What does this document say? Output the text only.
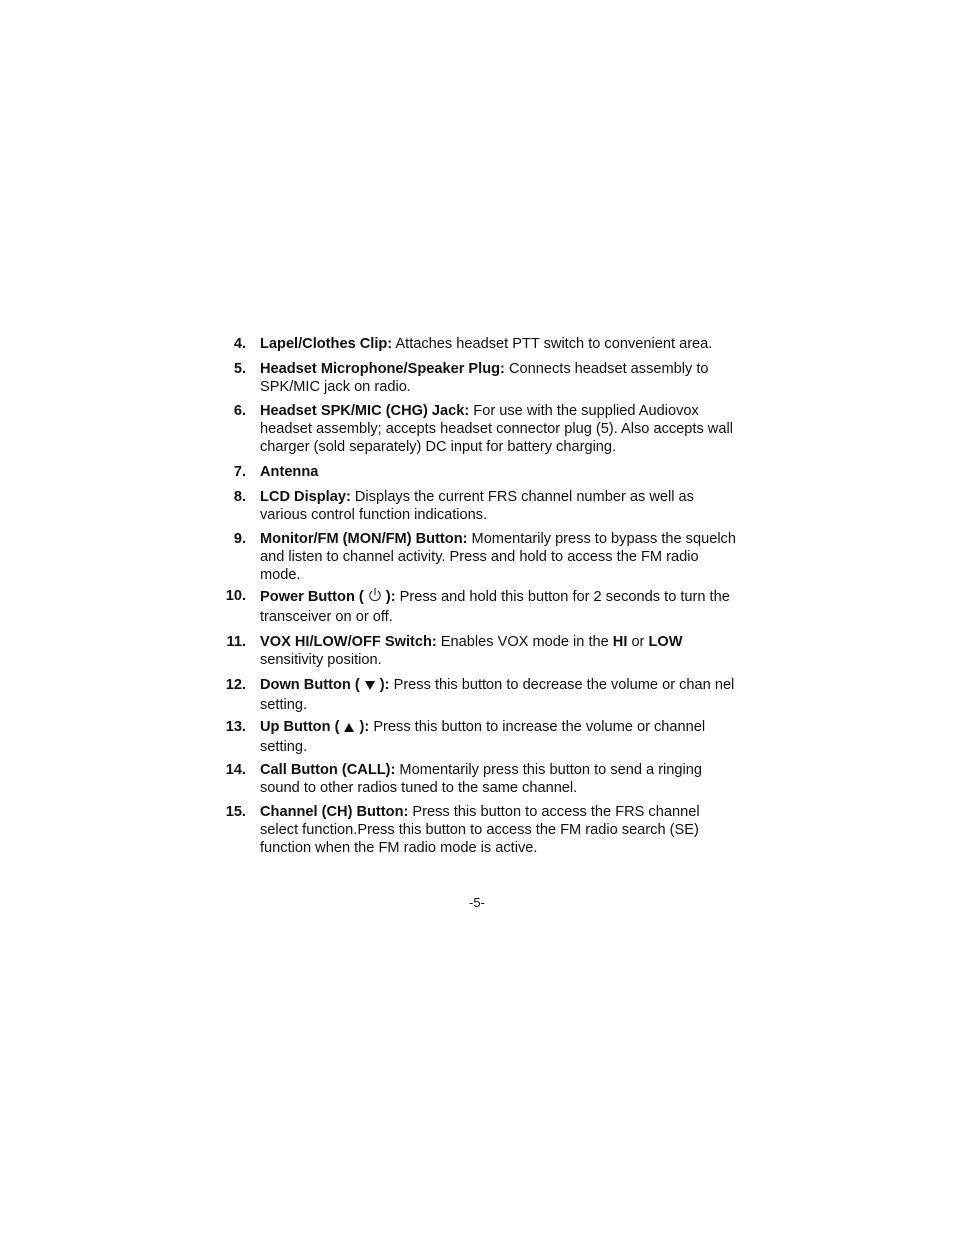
4. Lapel/Clothes Clip: Attaches headset PTT switch to convenient area.
5. Headset Microphone/Speaker Plug: Connects headset assembly to SPK/MIC jack on radio.
6. Headset SPK/MIC (CHG) Jack: For use with the supplied Audiovox headset assembly; accepts headset connector plug (5). Also accepts wall charger (sold separately) DC input for battery charging.
7. Antenna
8. LCD Display: Displays the current FRS channel number as well as various control function indications.
9. Monitor/FM (MON/FM) Button: Momentarily press to bypass the squelch and listen to channel activity. Press and hold to access the FM radio mode.
10. Power Button (  ): Press and hold this button for 2 seconds to turn the transceiver on or off.
11. VOX HI/LOW/OFF Switch: Enables VOX mode in the HI or LOW sensitivity position.
12. Down Button (  ): Press this button to decrease the volume or chan nel setting.
13. Up Button (  ): Press this button to increase the volume or channel setting.
14. Call Button (CALL): Momentarily press this button to send a ringing sound to other radios tuned to the same channel.
15. Channel (CH) Button: Press this button to access the FRS channel select function.Press this button to access the FM radio search (SE) function when the FM radio mode is active.
-5-
